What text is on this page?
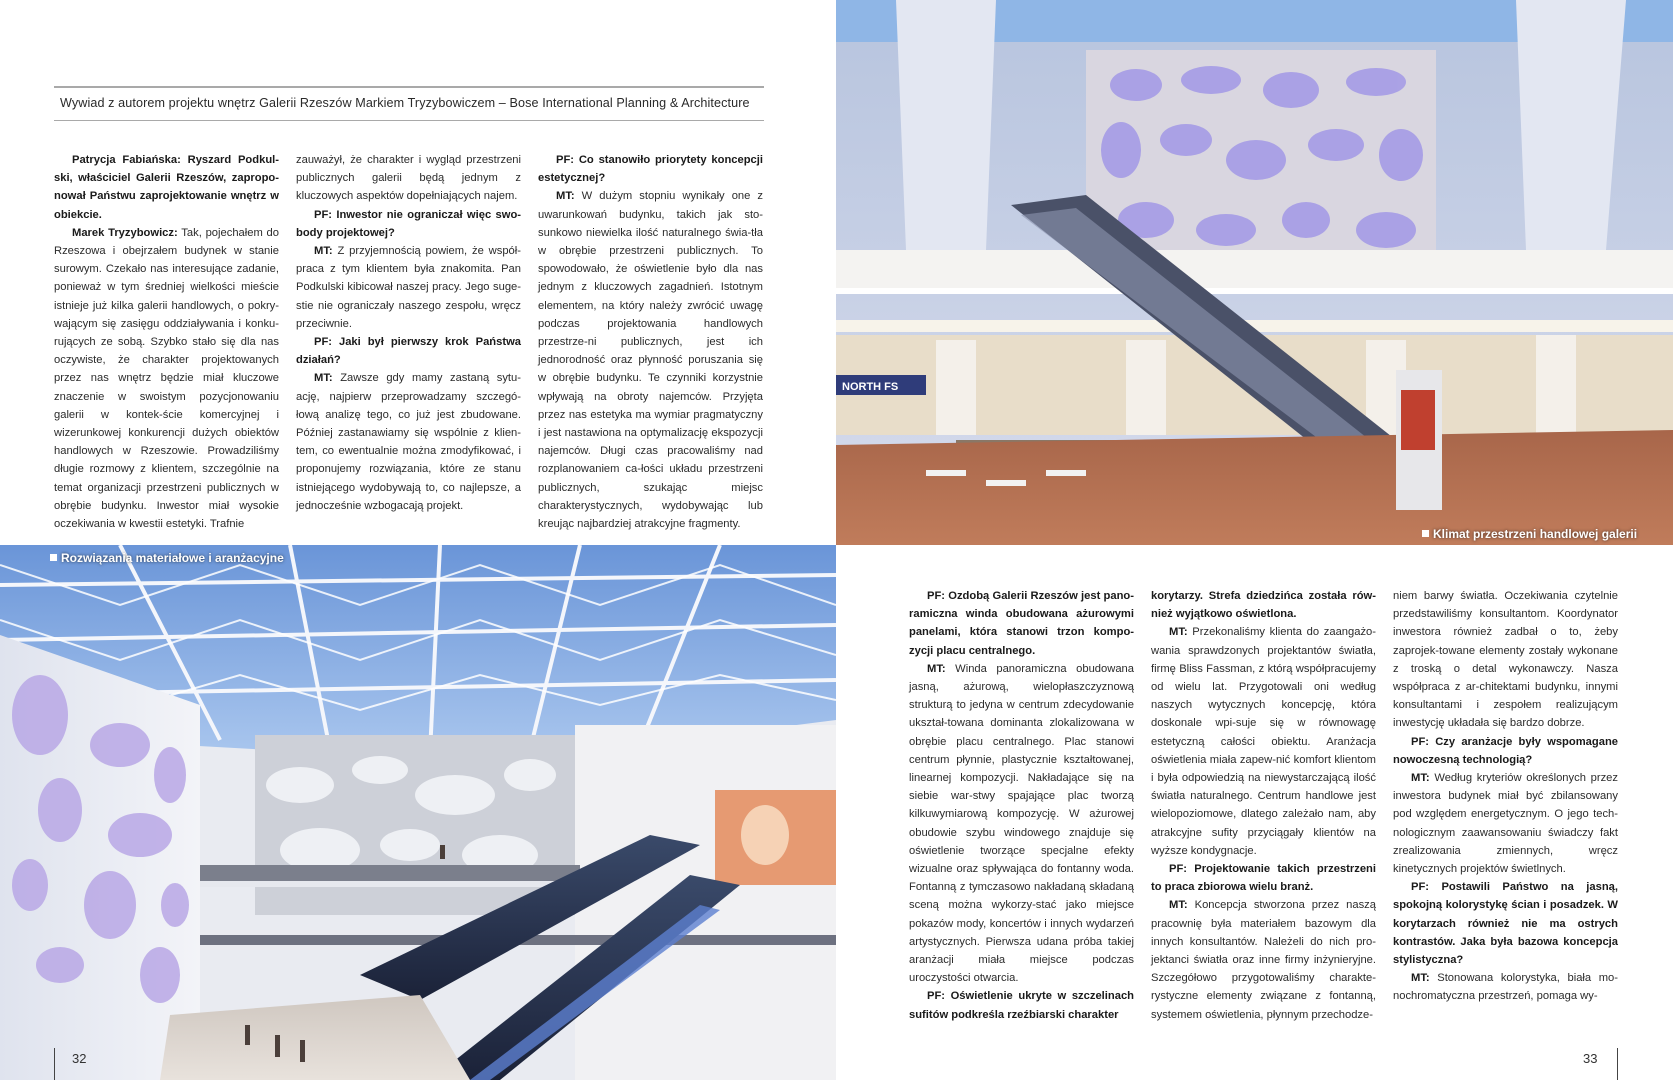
Wywiad z autorem projektu wnętrz Galerii Rzeszów Markiem Tryzybowiczem – Bose International Planning & Architecture

Patrycja Fabiańska: Ryszard Podkul-ski, właściciel Galerii Rzeszów, zapropo-nował Państwu zaprojektowanie wnętrz w obiekcie.

Marek Tryzybowicz: Tak, pojechałem do Rzeszowa i obejrzałem budynek w stanie surowym. Czekało nas interesujące zadanie, ponieważ w tym średniej wielkości mieście istnieje już kilka galerii handlowych, o pokry-wającym się zasięgu oddziaływania i konku-rujących ze sobą. Szybko stało się dla nas oczywiste, że charakter projektowanych przez nas wnętrz będzie miał kluczowe znaczenie w swoistym pozycjonowaniu galerii w kontek-ście komercyjnej i wizerunkowej konkurencji dużych obiektów handlowych w Rzeszowie. Prowadziliśmy długie rozmowy z klientem, szczególnie na temat organizacji przestrzeni publicznych w obrębie budynku. Inwestor miał wysokie oczekiwania w kwestii estetyki. Trafnie

zauważył, że charakter i wygląd przestrzeni publicznych galerii będą jednym z kluczowych aspektów dopełniających najem.

PF: Inwestor nie ograniczał więc swo-body projektowej?

MT: Z przyjemnością powiem, że współ-praca z tym klientem była znakomita. Pan Podkulski kibicował naszej pracy. Jego suge-stie nie ograniczały naszego zespołu, wręcz przeciwnie.

PF: Jaki był pierwszy krok Państwa działań?

MT: Zawsze gdy mamy zastaną sytu-ację, najpierw przeprowadzamy szczegó-łową analizę tego, co już jest zbudowane. Później zastanawiamy się wspólnie z klien-tem, co ewentualnie można zmodyfikować, i proponujemy rozwiązania, które ze stanu istniejącego wydobywają to, co najlepsze, a jednocześnie wzbogacają projekt.

PF: Co stanowiło priorytety koncepcji estetycznej?

MT: W dużym stopniu wynikały one z uwarunkowań budynku, takich jak sto-sunkowo niewielka ilość naturalnego świa-tła w obrębie przestrzeni publicznych. To spowodowało, że oświetlenie było dla nas jednym z kluczowych zagadnień. Istotnym elementem, na który należy zwrócić uwagę podczas projektowania handlowych przestrze-ni publicznych, jest ich jednorodność oraz płynność poruszania się w obrębie budynku. Te czynniki korzystnie wpływają na obroty najemców. Przyjęta przez nas estetyka ma wymiar pragmatyczny i jest nastawiona na optymalizację ekspozycji najemców. Długi czas pracowaliśmy nad rozplanowaniem ca-łości układu przestrzeni publicznych, szukając miejsc charakterystycznych, wydobywając lub kreując najbardziej atrakcyjne fragmenty.

Rozwiązania materiałowe i aranżacyjne
32
NORTH FS
Klimat przestrzeni handlowej galerii

PF: Ozdobą Galerii Rzeszów jest pano-ramiczna winda obudowana ażurowymi panelami, która stanowi trzon kompo-zycji placu centralnego.

MT: Winda panoramiczna obudowana jasną, ażurową, wielopłaszczyznową strukturą to jedyna w centrum zdecydowanie ukształ-towana dominanta zlokalizowana w obrębie placu centralnego. Plac stanowi centrum płynnie, plastycznie kształtowanej, linearnej kompozycji. Nakładające się na siebie war-stwy spajające plac tworzą kilkuwymiarową kompozycję. W ażurowej obudowie szybu windowego znajduje się oświetlenie tworzące specjalne efekty wizualne oraz spływająca do fontanny woda. Fontanną z tymczasowo nakładaną składaną sceną można wykorzy-stać jako miejsce pokazów mody, koncertów i innych wydarzeń artystycznych. Pierwsza udana próba takiej aranżacji miała miejsce podczas uroczystości otwarcia.

PF: Oświetlenie ukryte w szczelinach sufitów podkreśla rzeźbiarski charakter

korytarzy. Strefa dziedzińca została rów-nież wyjątkowo oświetlona.

MT: Przekonaliśmy klienta do zaangażo-wania sprawdzonych projektantów światła, firmę Bliss Fassman, z którą współpracujemy od wielu lat. Przygotowali oni według naszych wytycznych koncepcję, która doskonale wpi-suje się w równowagę estetyczną całości obiektu. Aranżacja oświetlenia miała zapew-nić komfort klientom i była odpowiedzią na niewystarczającą ilość światła naturalnego. Centrum handlowe jest wielopoziomowe, dlatego zależało nam, aby atrakcyjne sufity przyciągały klientów na wyższe kondygnacje.

PF: Projektowanie takich przestrzeni to praca zbiorowa wielu branż.

MT: Koncepcja stworzona przez naszą pracownię była materiałem bazowym dla innych konsultantów. Należeli do nich pro-jektanci światła oraz inne firmy inżynieryjne. Szczegółowo przygotowaliśmy charakte-rystyczne elementy związane z fontanną, systemem oświetlenia, płynnym przechodze-

niem barwy światła. Oczekiwania czytelnie przedstawiliśmy konsultantom. Koordynator inwestora również zadbał o to, żeby zaprojek-towane elementy zostały wykonane z troską o detal wykonawczy. Nasza współpraca z ar-chitektami budynku, innymi konsultantami i zespołem realizującym inwestycję układała się bardzo dobrze.

PF: Czy aranżacje były wspomagane nowoczesną technologią?

MT: Według kryteriów określonych przez inwestora budynek miał być zbilansowany pod względem energetycznym. O jego tech-nologicznym zaawansowaniu świadczy fakt zrealizowania zmiennych, wręcz kinetycznych projektów świetlnych.

PF: Postawili Państwo na jasną, spokojną kolorystykę ścian i posadzek. W korytarzach również nie ma ostrych kontrastów. Jaka była bazowa koncepcja stylistyczna?

MT: Stonowana kolorystyka, biała mo-nochromatyczna przestrzeń, pomaga wy-

33
